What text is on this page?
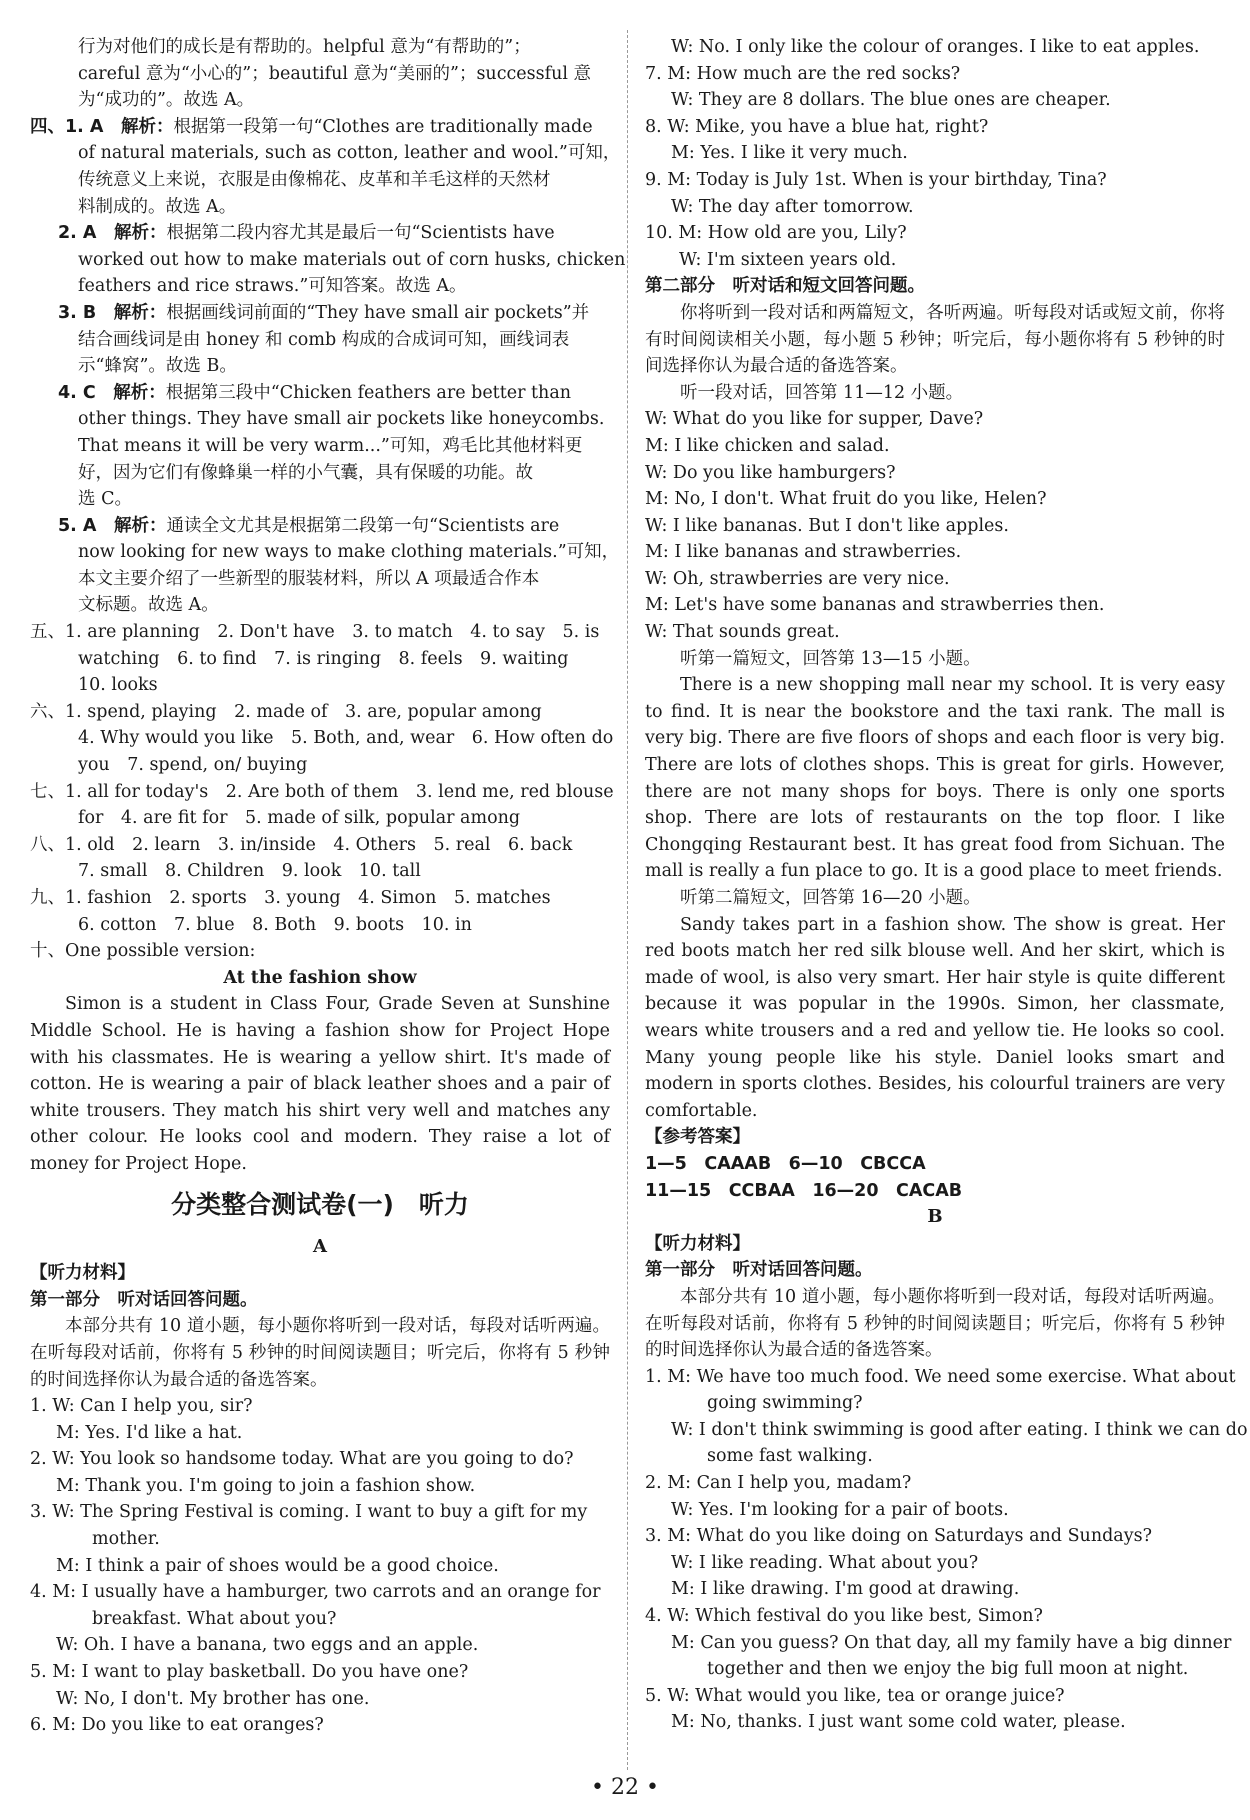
行为对他们的成长是有帮助的。helpful 意为“有帮助的”；
careful 意为“小心的”；beautiful 意为“美丽的”；successful 意
为“成功的”。故选 A。
四、1. A　解析：根据第一段第一句“Clothes are traditionally made
of natural materials, such as cotton, leather and wool.”可知，
传统意义上来说，衣服是由像棉花、皮革和羊毛这样的天然材
料制成的。故选 A。
2. A　解析：根据第二段内容尤其是最后一句“Scientists have
worked out how to make materials out of corn husks, chicken
feathers and rice straws.”可知答案。故选 A。
3. B　解析：根据画线词前面的“They have small air pockets”并
结合画线词是由 honey 和 comb 构成的合成词可知，画线词表
示“蜂窝”。故选 B。
4. C　解析：根据第三段中“Chicken feathers are better than
other things. They have small air pockets like honeycombs.
That means it will be very warm...”可知，鸡毛比其他材料更
好，因为它们有像蜂巢一样的小气囊，具有保暖的功能。故
选 C。
5. A　解析：通读全文尤其是根据第二段第一句“Scientists are
now looking for new ways to make clothing materials.”可知，
本文主要介绍了一些新型的服装材料，所以 A 项最适合作本
文标题。故选 A。
五、1. are planning　2. Don't have　3. to match　4. to say　5. is
watching　6. to find　7. is ringing　8. feels　9. waiting
10. looks
六、1. spend, playing　2. made of　3. are, popular among
4. Why would you like　5. Both, and, wear　6. How often do
you　7. spend, on/ buying
七、1. all for today's　2. Are both of them　3. lend me, red blouse
for　4. are fit for　5. made of silk, popular among
八、1. old　2. learn　3. in/inside　4. Others　5. real　6. back
7. small　8. Children　9. look　10. tall
九、1. fashion　2. sports　3. young　4. Simon　5. matches
6. cotton　7. blue　8. Both　9. boots　10. in
十、One possible version:
At the fashion show
Simon is a student in Class Four, Grade Seven at Sunshine Middle School. He is having a fashion show for Project Hope with his classmates. He is wearing a yellow shirt. It's made of cotton. He is wearing a pair of black leather shoes and a pair of white trousers. They match his shirt very well and matches any other colour. He looks cool and modern. They raise a lot of money for Project Hope.
分类整合测试卷(一)　听力
A
【听力材料】
第一部分　听对话回答问题。
本部分共有 10 道小题，每小题你将听到一段对话，每段对话听两遍。在听每段对话前，你将有 5 秒钟的时间阅读题目；听完后，你将有 5 秒钟的时间选择你认为最合适的备选答案。
1. W: Can I help you, sir?
M: Yes. I'd like a hat.
2. W: You look so handsome today. What are you going to do?
M: Thank you. I'm going to join a fashion show.
3. W: The Spring Festival is coming. I want to buy a gift for my
mother.
M: I think a pair of shoes would be a good choice.
4. M: I usually have a hamburger, two carrots and an orange for
breakfast. What about you?
W: Oh. I have a banana, two eggs and an apple.
5. M: I want to play basketball. Do you have one?
W: No, I don't. My brother has one.
6. M: Do you like to eat oranges?
W: No. I only like the colour of oranges. I like to eat apples.
7. M: How much are the red socks?
W: They are 8 dollars. The blue ones are cheaper.
8. W: Mike, you have a blue hat, right?
M: Yes. I like it very much.
9. M: Today is July 1st. When is your birthday, Tina?
W: The day after tomorrow.
10. M: How old are you, Lily?
W: I'm sixteen years old.
第二部分　听对话和短文回答问题。
你将听到一段对话和两篇短文，各听两遍。听每段对话或短文前，你将有时间阅读相关小题，每小题 5 秒钟；听完后，每小题你将有 5 秒钟的时间选择你认为最合适的备选答案。
听一段对话，回答第 11—12 小题。
W: What do you like for supper, Dave?
M: I like chicken and salad.
W: Do you like hamburgers?
M: No, I don't. What fruit do you like, Helen?
W: I like bananas. But I don't like apples.
M: I like bananas and strawberries.
W: Oh, strawberries are very nice.
M: Let's have some bananas and strawberries then.
W: That sounds great.
听第一篇短文，回答第 13—15 小题。
There is a new shopping mall near my school. It is very easy to find. It is near the bookstore and the taxi rank. The mall is very big. There are five floors of shops and each floor is very big. There are lots of clothes shops. This is great for girls. However, there are not many shops for boys. There is only one sports shop. There are lots of restaurants on the top floor. I like Chongqing Restaurant best. It has great food from Sichuan. The mall is really a fun place to go. It is a good place to meet friends.
听第二篇短文，回答第 16—20 小题。
Sandy takes part in a fashion show. The show is great. Her red boots match her red silk blouse well. And her skirt, which is made of wool, is also very smart. Her hair style is quite different because it was popular in the 1990s. Simon, her classmate, wears white trousers and a red and yellow tie. He looks so cool. Many young people like his style. Daniel looks smart and modern in sports clothes. Besides, his colourful trainers are very comfortable.
【参考答案】
1—5　CAAAB　6—10　CBCCA
11—15　CCBAA　16—20　CACAB
B
【听力材料】
第一部分　听对话回答问题。
本部分共有 10 道小题，每小题你将听到一段对话，每段对话听两遍。在听每段对话前，你将有 5 秒钟的时间阅读题目；听完后，你将有 5 秒钟的时间选择你认为最合适的备选答案。
1. M: We have too much food. We need some exercise. What about
going swimming?
W: I don't think swimming is good after eating. I think we can do
some fast walking.
2. M: Can I help you, madam?
W: Yes. I'm looking for a pair of boots.
3. M: What do you like doing on Saturdays and Sundays?
W: I like reading. What about you?
M: I like drawing. I'm good at drawing.
4. W: Which festival do you like best, Simon?
M: Can you guess? On that day, all my family have a big dinner
together and then we enjoy the big full moon at night.
5. W: What would you like, tea or orange juice?
M: No, thanks. I just want some cold water, please.
• 22 •
